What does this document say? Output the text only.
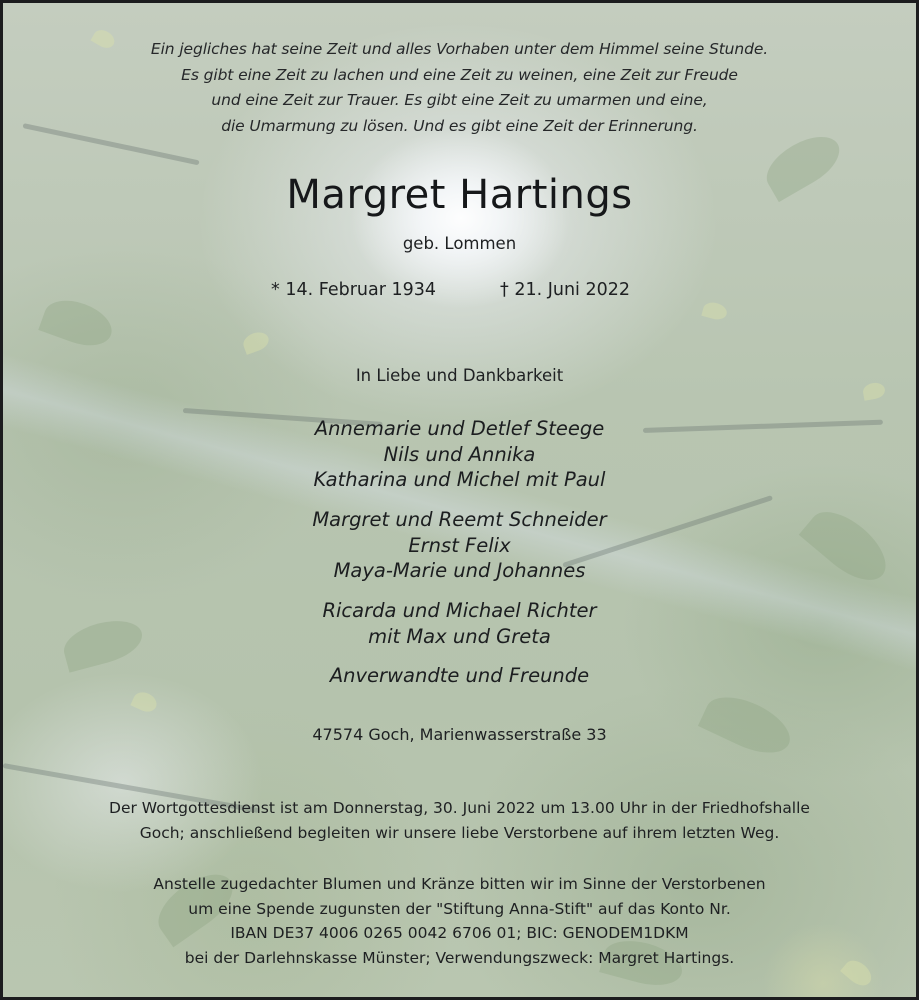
Ein jegliches hat seine Zeit und alles Vorhaben unter dem Himmel seine Stunde.
Es gibt eine Zeit zu lachen und eine Zeit zu weinen, eine Zeit zur Freude
und eine Zeit zur Trauer. Es gibt eine Zeit zu umarmen und eine,
die Umarmung zu lösen. Und es gibt eine Zeit der Erinnerung.
Margret Hartings
geb. Lommen
* 14. Februar 1934	† 21. Juni 2022
In Liebe und Dankbarkeit
Annemarie und Detlef Steege
Nils und Annika
Katharina und Michel mit Paul
Margret und Reemt Schneider
Ernst Felix
Maya-Marie und Johannes
Ricarda und Michael Richter
mit Max und Greta
Anverwandte und Freunde
47574 Goch, Marienwasserstraße 33
Der Wortgottesdienst ist am Donnerstag, 30. Juni 2022 um 13.00 Uhr in der Friedhofshalle
Goch; anschließend begleiten wir unsere liebe Verstorbene auf ihrem letzten Weg.
Anstelle zugedachter Blumen und Kränze bitten wir im Sinne der Verstorbenen
um eine Spende zugunsten der "Stiftung Anna-Stift" auf das Konto Nr.
IBAN DE37 4006 0265 0042 6706 01; BIC: GENODEM1DKM
bei der Darlehnskasse Münster; Verwendungszweck: Margret Hartings.
